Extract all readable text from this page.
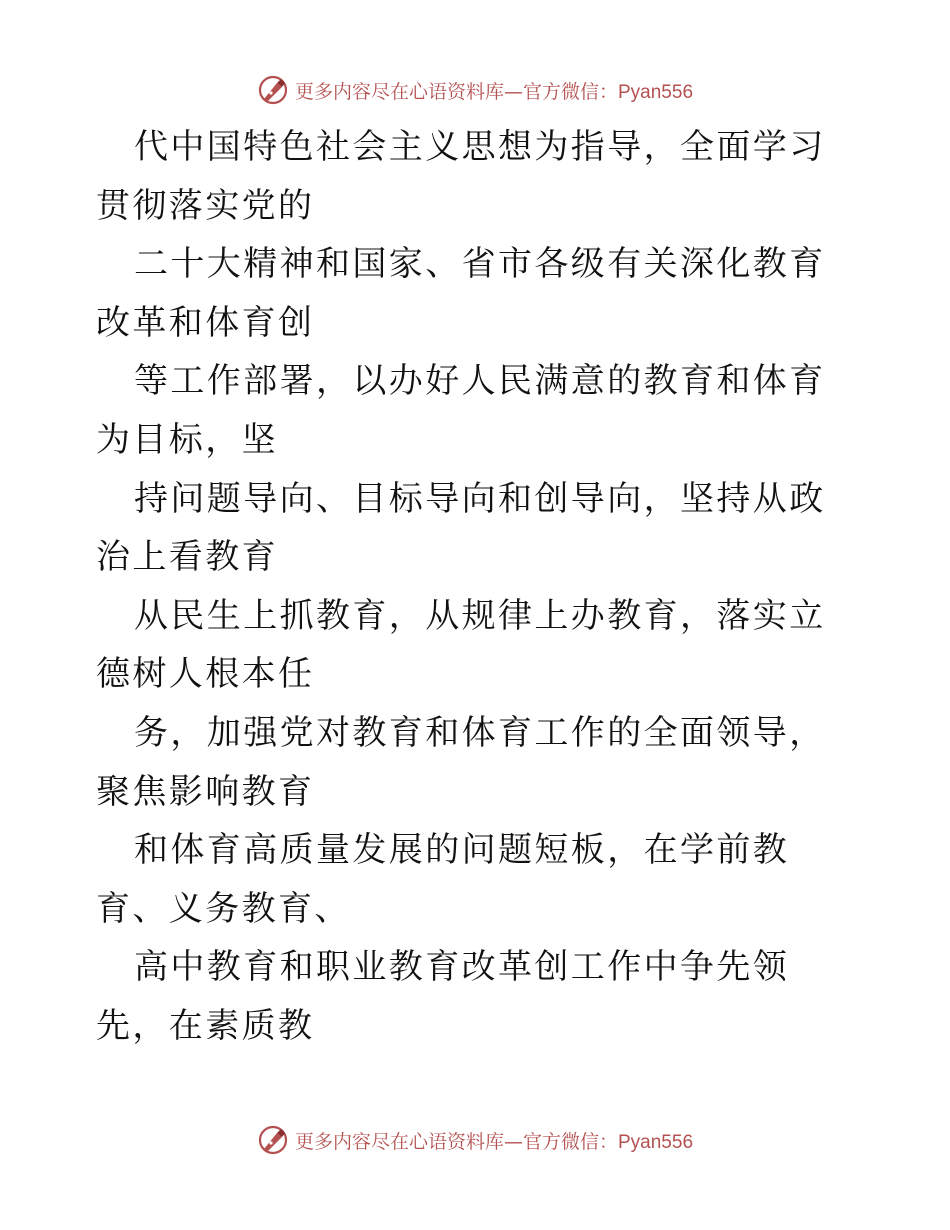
更多内容尽在心语资料库—官方微信：Pyan556

代中国特色社会主义思想为指导，全面学习贯彻落实党的

二十大精神和国家、省市各级有关深化教育改革和体育创

等工作部署，以办好人民满意的教育和体育为目标，坚

持问题导向、目标导向和创导向，坚持从政治上看教育

从民生上抓教育，从规律上办教育，落实立德树人根本任

务，加强党对教育和体育工作的全面领导，聚焦影响教育

和体育高质量发展的问题短板，在学前教育、义务教育、

高中教育和职业教育改革创工作中争先领先，在素质教

更多内容尽在心语资料库—官方微信：Pyan556
